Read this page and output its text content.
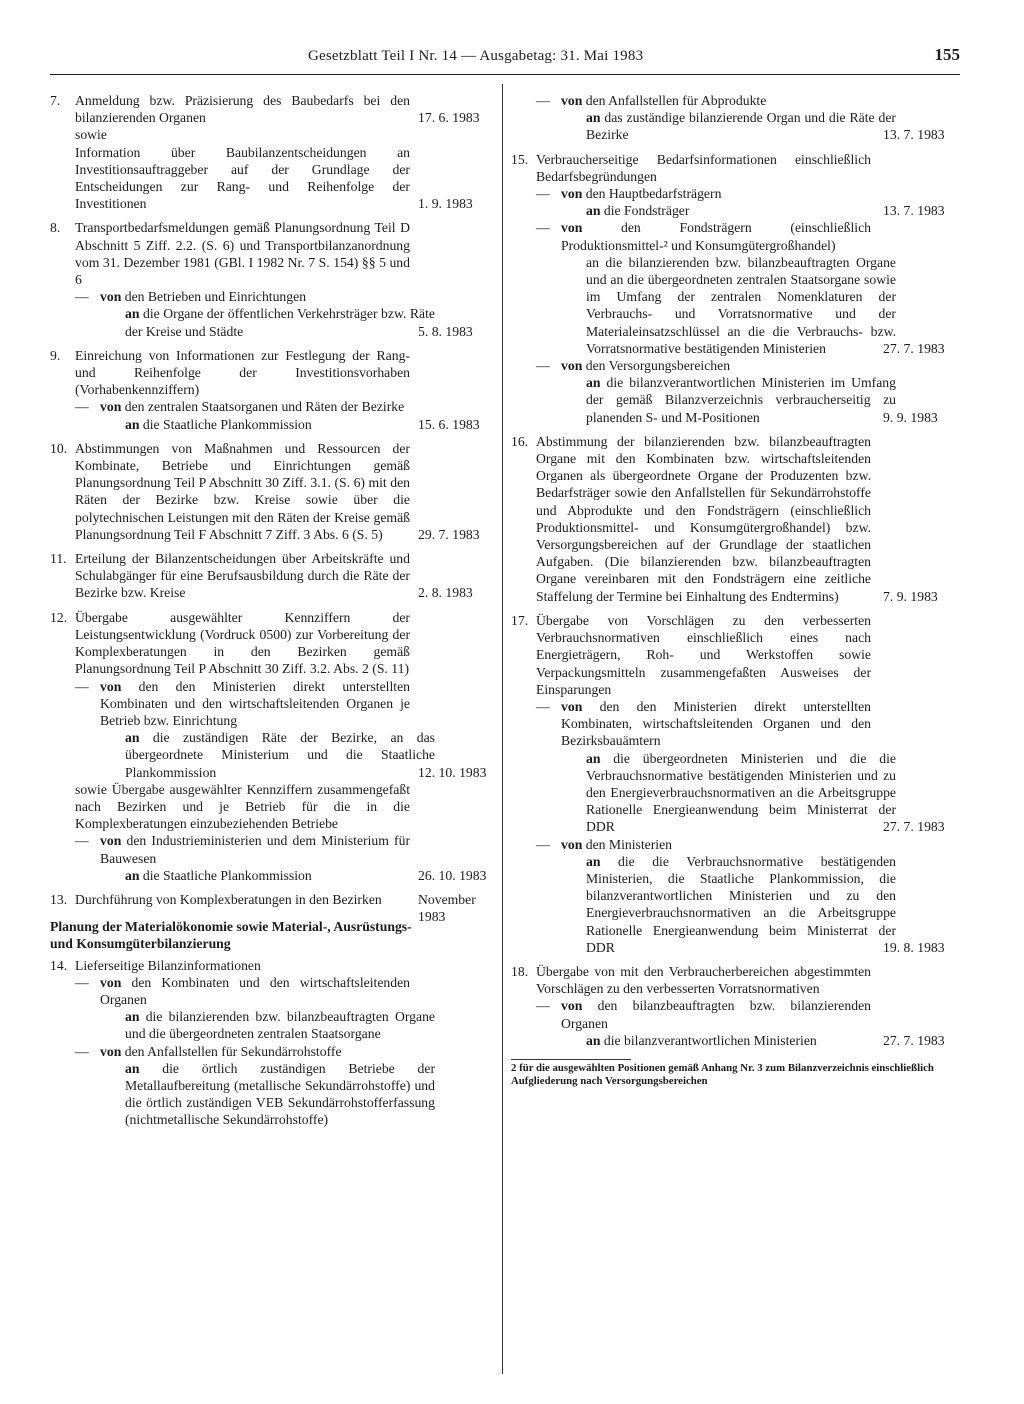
Gesetzblatt Teil I Nr. 14 — Ausgabetag: 31. Mai 1983	155
7. Anmeldung bzw. Präzisierung des Baubedarfs bei den bilanzierenden Organen	17. 6. 1983
sowie
Information über Baubilanzentscheidungen an Investitionsauftraggeber auf der Grundlage der Entscheidungen zur Rang- und Reihenfolge der Investitionen	1. 9. 1983
8. Transportbedarfsmeldungen gemäß Planungsordnung Teil D Abschnitt 5 Ziff. 2.2. (S. 6) und Transportbilanzanordnung vom 31. Dezember 1981 (GBl. I 1982 Nr. 7 S. 154) §§ 5 und 6
— von den Betrieben und Einrichtungen
an die Organe der öffentlichen Verkehrsträger bzw. Räte der Kreise und Städte	5. 8. 1983
9. Einreichung von Informationen zur Festlegung der Rang- und Reihenfolge der Investitionsvorhaben (Vorhabenkennziffern)
— von den zentralen Staatsorganen und Räten der Bezirke
an die Staatliche Plankommission	15. 6. 1983
10. Abstimmungen von Maßnahmen und Ressourcen der Kombinate, Betriebe und Einrichtungen gemäß Planungsordnung Teil P Abschnitt 30 Ziff. 3.1. (S. 6) mit den Räten der Bezirke bzw. Kreise sowie über die polytechnischen Leistungen mit den Räten der Kreise gemäß Planungsordnung Teil F Abschnitt 7 Ziff. 3 Abs. 6 (S. 5)	29. 7. 1983
11. Erteilung der Bilanzentscheidungen über Arbeitskräfte und Schulabgänger für eine Berufsausbildung durch die Räte der Bezirke bzw. Kreise	2. 8. 1983
12. Übergabe ausgewählter Kennziffern der Leistungsentwicklung (Vordruck 0500) zur Vorbereitung der Komplexberatungen in den Bezirken gemäß Planungsordnung Teil P Abschnitt 30 Ziff. 3.2. Abs. 2 (S. 11)
— von den den Ministerien direkt unterstellten Kombinaten und den wirtschaftsleitenden Organen je Betrieb bzw. Einrichtung
an die zuständigen Räte der Bezirke, an das übergeordnete Ministerium und die Staatliche Plankommission	12. 10. 1983
sowie Übergabe ausgewählter Kennziffern zusammengefaßt nach Bezirken und je Betrieb für die in die Komplexberatungen einzubeziehenden Betriebe
— von den Industrieministerien und dem Ministerium für Bauwesen
an die Staatliche Plankommission	26. 10. 1983
13. Durchführung von Komplexberatungen in den Bezirken	November
1983
Planung der Materialökonomie sowie Material-, Ausrüstungs- und Konsumgüterbilanzierung
14. Lieferseitige Bilanzinformationen
— von den Kombinaten und den wirtschaftsleitenden Organen
an die bilanzierenden bzw. bilanzbeauftragten Organe und die übergeordneten zentralen Staatsorgane
— von den Anfallstellen für Sekundärrohstoffe
an die örtlich zuständigen Betriebe der Metallaufbereitung (metallische Sekundärrohstoffe) und die örtlich zuständigen VEB Sekundärrohstofferfassung (nichtmetallische Sekundärrohstoffe)
— von den Anfallstellen für Abprodukte
an das zuständige bilanzierende Organ und die Räte der Bezirke	13. 7. 1983
15. Verbraucherseitige Bedarfsinformationen einschließlich Bedarfsbegründungen
— von den Hauptbedarfsträgern
an die Fondsträger	13. 7. 1983
— von	den Fondsträgern (einschließlich Produktionsmittel-² und Konsumgütergroßhandel)
an die bilanzierenden bzw. bilanzbeauftragten Organe und an die übergeordneten zentralen Staatsorgane sowie im Umfang der zentralen Nomenklaturen der Verbrauchs- und Vorratsnormative und der Materialeinsatzschlüssel an die die Verbrauchs- bzw. Vorratsnormative bestätigenden Ministerien	27. 7. 1983
— von den Versorgungsbereichen
an die bilanzverantwortlichen Ministerien im Umfang der gemäß Bilanzverzeichnis verbraucherseitig zu planenden S- und M-Positionen	9. 9. 1983
16. Abstimmung der bilanzierenden bzw. bilanzbeauftragten Organe mit den Kombinaten bzw. wirtschaftsleitenden Organen als übergeordnete Organe der Produzenten bzw. Bedarfsträger sowie den Anfallstellen für Sekundärrohstoffe und Abprodukte und den Fondsträgern (einschließlich Produktionsmittel- und Konsumgütergroßhandel) bzw. Versorgungsbereichen auf der Grundlage der staatlichen Aufgaben. (Die bilanzierenden bzw. bilanzbeauftragten Organe vereinbaren mit den Fondsträgern eine zeitliche Staffelung der Termine bei Einhaltung des Endtermins)	7. 9. 1983
17. Übergabe von Vorschlägen zu den verbesserten Verbrauchsnormativen einschließlich eines nach Energieträgern, Roh- und Werkstoffen sowie Verpackungsmitteln zusammengefaßten Ausweises der Einsparungen
— von den den Ministerien direkt unterstellten Kombinaten, wirtschaftsleitenden Organen und den Bezirksbauämtern
an die übergeordneten Ministerien und die die Verbrauchsnormative bestätigenden Ministerien und zu den Energieverbrauchsnormativen an die Arbeitsgruppe Rationelle Energieanwendung beim Ministerrat der DDR	27. 7. 1983
— von den Ministerien
an die die Verbrauchsnormative bestätigenden Ministerien, die Staatliche Plankommission, die bilanzverantwortlichen Ministerien und zu den Energieverbrauchsnormativen an die Arbeitsgruppe Rationelle Energieanwendung beim Ministerrat der DDR	19. 8. 1983
18. Übergabe von mit den Verbraucherbereichen abgestimmten Vorschlägen zu den verbesserten Vorratsnormativen
— von den bilanzbeauftragten bzw. bilanzierenden Organen
an die bilanzverantwortlichen Ministerien	27. 7. 1983
2 für die ausgewählten Positionen gemäß Anhang Nr. 3 zum Bilanzverzeichnis einschließlich Aufgliederung nach Versorgungsbereichen
